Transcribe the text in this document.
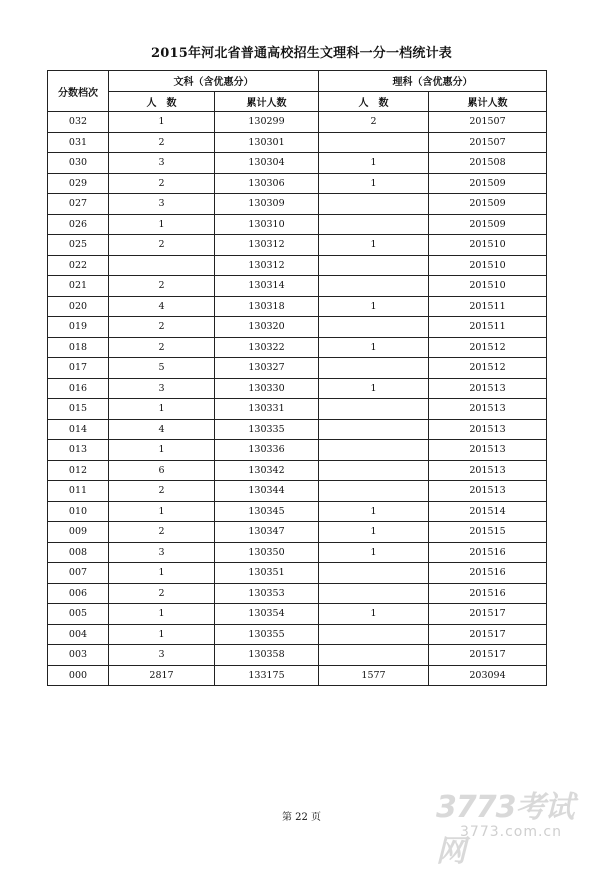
2015年河北省普通高校招生文理科一分一档统计表
分数档次	文科（含优惠分）		理科（含优惠分）	
	人　数	累计人数	人　数	累计人数
032	1	130299	2	201507
031	2	130301		201507
030	3	130304	1	201508
029	2	130306	1	201509
027	3	130309		201509
026	1	130310		201509
025	2	130312	1	201510
022		130312		201510
021	2	130314		201510
020	4	130318	1	201511
019	2	130320		201511
018	2	130322	1	201512
017	5	130327		201512
016	3	130330	1	201513
015	1	130331		201513
014	4	130335		201513
013	1	130336		201513
012	6	130342		201513
011	2	130344		201513
010	1	130345	1	201514
009	2	130347	1	201515
008	3	130350	1	201516
007	1	130351		201516
006	2	130353		201516
005	1	130354	1	201517
004	1	130355		201517
003	3	130358		201517
000	2817	133175	1577	203094
第 22 页	3773考试网
3773.com.cn
